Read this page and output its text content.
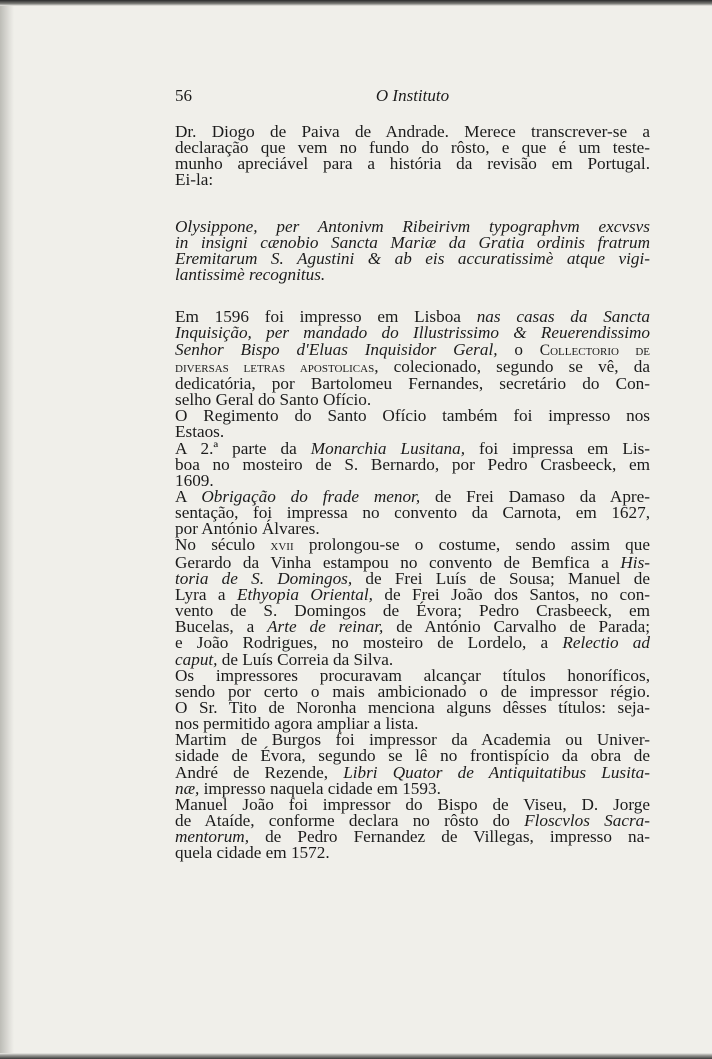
56	O Instituto

Dr. Diogo de Paiva de Andrade. Merece transcrever-se a

declaração que vem no fundo do rôsto, e que é um teste-

munho apreciável para a história da revisão em Portugal.

Ei-la:

Olysippone, per Antonivm Ribeirivm typographvm excvsvs

in insigni cænobio Sancta Mariæ da Gratia ordinis fratrum

Eremitarum S. Agustini & ab eis accuratissimè atque vigi-

lantissimè recognitus.

Em 1596 foi impresso em Lisboa nas casas da Sancta

Inquisição, per mandado do Illustrissimo & Reuerendissimo

Senhor Bispo d'Eluas Inquisidor Geral, o Collectorio de

diversas letras apostolicas, colecionado, segundo se vê, da

dedicatória, por Bartolomeu Fernandes, secretário do Con-

selho Geral do Santo Ofício.

O Regimento do Santo Ofício também foi impresso nos

Estaos.

A 2.ª parte da Monarchia Lusitana, foi impressa em Lis-

boa no mosteiro de S. Bernardo, por Pedro Crasbeeck, em

1609.

A Obrigação do frade menor, de Frei Damaso da Apre-

sentação, foi impressa no convento da Carnota, em 1627,

por António Álvares.

No século xvii prolongou-se o costume, sendo assim que

Gerardo da Vinha estampou no convento de Bemfica a His-

toria de S. Domingos, de Frei Luís de Sousa; Manuel de

Lyra a Ethyopia Oriental, de Frei João dos Santos, no con-

vento de S. Domingos de Évora; Pedro Crasbeeck, em

Bucelas, a Arte de reinar, de António Carvalho de Parada;

e João Rodrigues, no mosteiro de Lordelo, a Relectio ad

caput, de Luís Correia da Silva.

Os impressores procuravam alcançar títulos honoríficos,

sendo por certo o mais ambicionado o de impressor régio.

O Sr. Tito de Noronha menciona alguns dêsses títulos: seja-

nos permitido agora ampliar a lista.

Martim de Burgos foi impressor da Academia ou Univer-

sidade de Évora, segundo se lê no frontispício da obra de

André de Rezende, Libri Quator de Antiquitatibus Lusita-

næ, impresso naquela cidade em 1593.

Manuel João foi impressor do Bispo de Viseu, D. Jorge

de Ataíde, conforme declara no rôsto do Floscvlos Sacra-

mentorum, de Pedro Fernandez de Villegas, impresso na-

quela cidade em 1572.
